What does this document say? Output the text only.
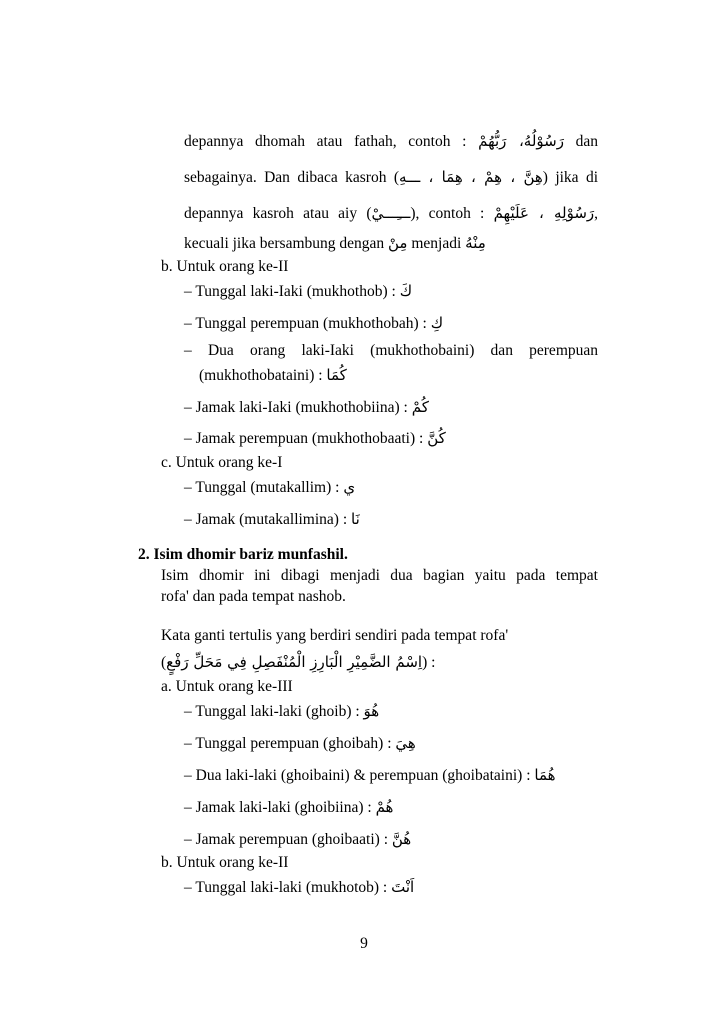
depannya dhomah atau fathah, contoh : رَسُوْلُهُ، رَبُّهُمْ dan
sebagainya. Dan dibaca kasroh (هِنَّ ، هِمْ ، هِمَا ، ـــهِ) jika di
depannya kasroh atau aiy (ـــِـــيْ), contoh : رَسُوْلِهِ ، عَلَيْهِمْ,
kecuali jika bersambung dengan مِنْ menjadi مِنْهُ
b. Untuk orang ke-II
– Tunggal laki-Iaki (mukhothob) : كَ
– Tunggal perempuan (mukhothobah) : كِ
– Dua orang laki-Iaki (mukhothobaini) dan perempuan
(mukhothobataini) : كُمَا
– Jamak laki-Iaki (mukhothobiina) : كُمْ
– Jamak perempuan (mukhothobaati) : كُنَّ
c. Untuk orang ke-I
– Tunggal (mutakallim) : ي
– Jamak (mutakallimina) : نَا
2. Isim dhomir bariz munfashil.
Isim dhomir ini dibagi menjadi dua bagian yaitu pada tempat
rofa' dan pada tempat nashob.
Kata ganti tertulis yang berdiri sendiri pada tempat rofa'
(اِسْمُ الضَّمِيْرِ الْبَارِزِ الْمُنْفَصِلِ فِي مَحَلِّ رَفْعٍ) :
a. Untuk orang ke-III
– Tunggal laki-laki (ghoib) : هُوَ
– Tunggal perempuan (ghoibah) : هِيَ
– Dua laki-laki (ghoibaini) & perempuan (ghoibataini) : هُمَا
– Jamak laki-laki (ghoibiina) : هُمْ
– Jamak perempuan (ghoibaati) : هُنَّ
b. Untuk orang ke-II
– Tunggal laki-laki (mukhotob) : اَنْتَ
9
